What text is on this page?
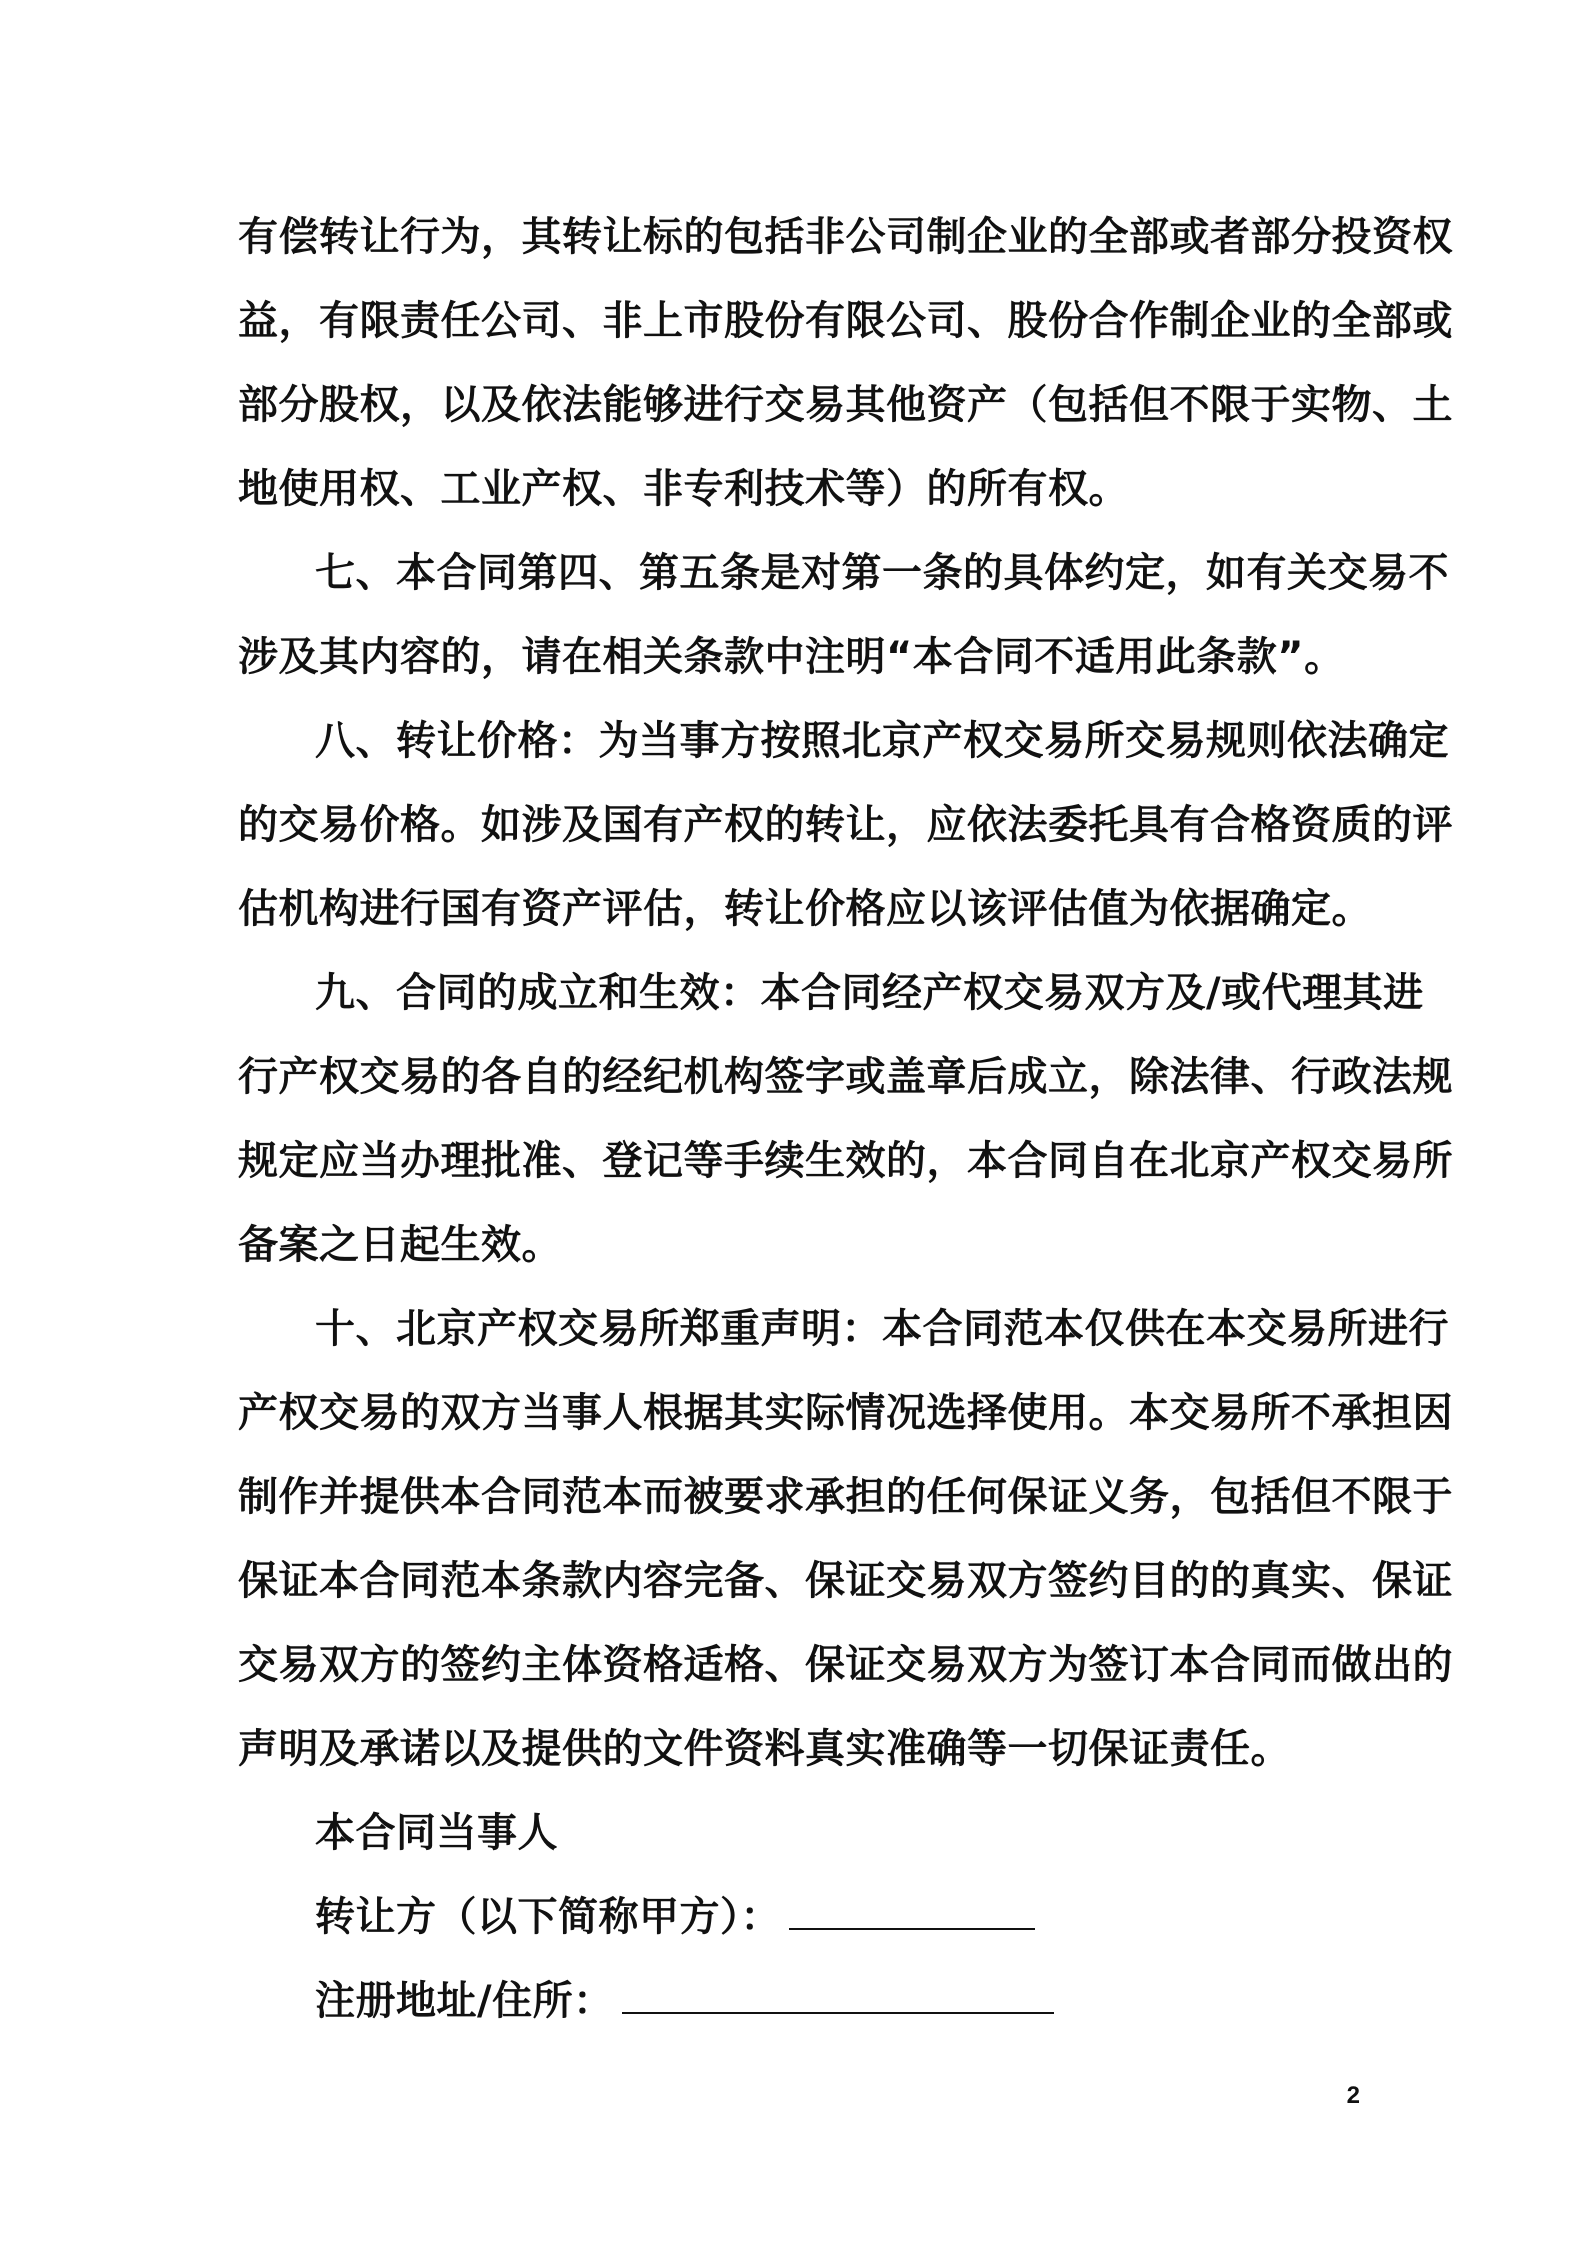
有偿转让行为，其转让标的包括非公司制企业的全部或者部分投资权
益，有限责任公司、非上市股份有限公司、股份合作制企业的全部或
部分股权，以及依法能够进行交易其他资产（包括但不限于实物、土
地使用权、工业产权、非专利技术等）的所有权。
七、本合同第四、第五条是对第一条的具体约定，如有关交易不
涉及其内容的，请在相关条款中注明“本合同不适用此条款”。
八、转让价格：为当事方按照北京产权交易所交易规则依法确定
的交易价格。如涉及国有产权的转让，应依法委托具有合格资质的评
估机构进行国有资产评估，转让价格应以该评估值为依据确定。
九、合同的成立和生效：本合同经产权交易双方及/或代理其进
行产权交易的各自的经纪机构签字或盖章后成立，除法律、行政法规
规定应当办理批准、登记等手续生效的，本合同自在北京产权交易所
备案之日起生效。
十、北京产权交易所郑重声明：本合同范本仅供在本交易所进行
产权交易的双方当事人根据其实际情况选择使用。本交易所不承担因
制作并提供本合同范本而被要求承担的任何保证义务，包括但不限于
保证本合同范本条款内容完备、保证交易双方签约目的的真实、保证
交易双方的签约主体资格适格、保证交易双方为签订本合同而做出的
声明及承诺以及提供的文件资料真实准确等一切保证责任。
本合同当事人
转让方（以下简称甲方）：
注册地址/住所：
2
